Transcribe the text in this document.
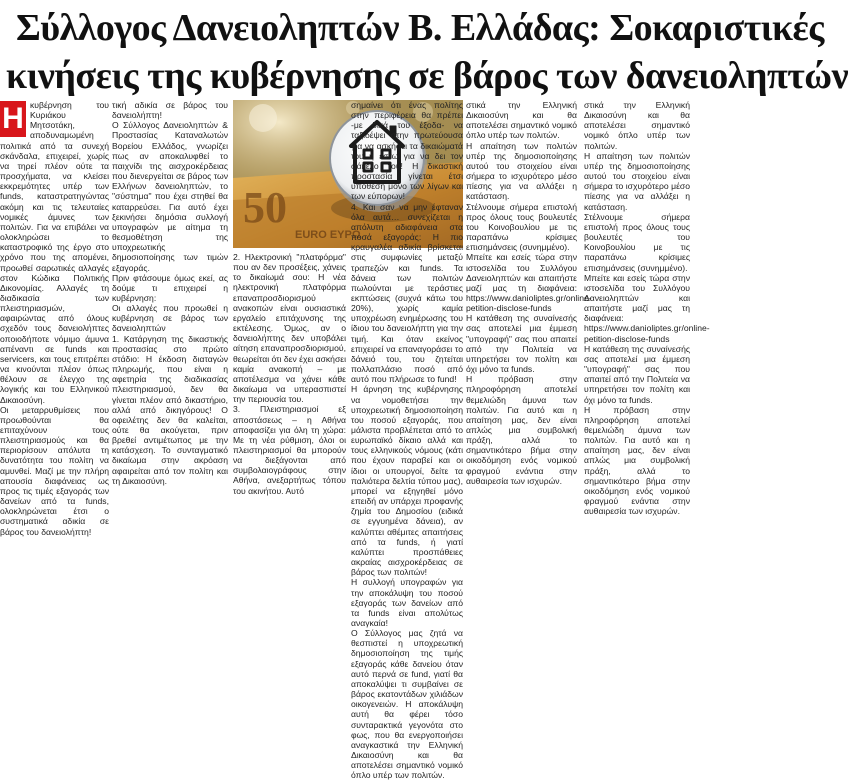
Σύλλογος Δανειοληπτών Β. Ελλάδας: Σοκαριστικές
κινήσεις της κυβέρνησης σε βάρος των δανειοληπτών
Η κυβέρνηση του Κυριάκου Μητσοτάκη, αποδυναμωμένη πολιτικά από τα συνεχή σκάνδαλα, επιχειρεί, χωρίς να τηρεί πλέον ούτε τα προσχήματα, να κλείσει εκκρεμότητες υπέρ των funds, καταστρατηγώντας ακόμη και τις τελευταίες νομικές άμυνες των πολιτών. Για να επιβάλει να ολοκληρώσει το καταστροφικό της έργο στο χρόνο που της απομένει, προωθεί σαρωτικές αλλαγές στον Κώδικα Πολιτικής Δικονομίας. Αλλαγές τη διαδικασία των πλειστηριασμών, αφαιρώντας από όλους σχεδόν τους δανειολήπτες οποιοδήποτε νόμιμο άμυνα απέναντι σε funds και servicers, και τους επιτρέπει να κινούνται πλέον όπως θέλουν σε έλεγχο της λογικής και του Ελληνικού Δικαιοσύνη.

Οι μεταρρυθμίσεις που προωθούνται θα επιταχύνουν τους πλειστηριασμούς και θα περιορίσουν απόλυτα τη δυνατότητα του πολίτη να αμυνθεί. Μαζί με την πλήρη απουσία διαφάνειας ως προς τις τιμές εξαγοράς των δανείων από τα funds, ολοκληρώνεται έτσι ο συστηματικά αδικία σε βάρος του δανειολήπτη!

τική αδικία σε βάρος του δανειολήπτη!

Ο Σύλλογος Δανειοληπτών & Προστασίας Καταναλωτών Βορείου Ελλάδος, γνωρίζει πως αν αποκαλυφθεί το παιχνίδι της αισχροκέρδειας που διενεργείται σε βάρος των Ελλήνων δανειοληπτών, το "σύστημα" που έχει στηθεί θα καταρρεύσει. Για αυτό έχει ξεκινήσει δημόσια συλλογή υπογραφών με αίτημα τη θεσμοθέτηση της υποχρεωτικής δημοσιοποίησης των τιμών εξαγοράς.

Πριν φτάσουμε όμως εκεί, ας δούμε τι επιχειρεί η κυβέρνηση:

Οι αλλαγές που προωθεί η κυβέρνηση σε βάρος των δανειοληπτών

1. Κατάργηση της δικαστικής προστασίας στο πρώτο στάδιο: Η έκδοση διαταγών πληρωμής, που είναι η αφετηρία της διαδικασίας πλειστηριασμού, δεν θα γίνεται πλέον από δικαστήριο, αλλά από δικηγόρους! Ο οφειλέτης δεν θα καλείται, ούτε θα ακούγεται, πριν βρεθεί αντιμέτωπος με την κατάσχεση. Το συνταγματικό δικαίωμα στην ακρόαση αφαιρείται από τον πολίτη και τη Δικαιοσύνη.

50
EURO ΕΥΡΩ

2. Ηλεκτρονική "πλατφόρμα" που αν δεν προσέξεις, χάνεις το δικαίωμά σου: Η νέα ηλεκτρονική πλατφόρμα επαναπροσδιορισμού ανακοπών είναι ουσιαστικά εργαλείο επιτάχυνσης της εκτέλεσης. Όμως, αν ο δανειολήπτης δεν υποβάλει αίτηση επαναπροσδιορισμού, θεωρείται ότι δεν έχει ασκήσει καμία ανακοπή – με αποτέλεσμα να χάνει κάθε δικαίωμα να υπερασπιστεί την περιουσία του.

3. Πλειστηριασμοί εξ αποστάσεως – η Αθήνα αποφασίζει για όλη τη χώρα: Με τη νέα ρύθμιση, όλοι οι πλειστηριασμοί θα μπορούν να διεξάγονται από συμβολαιογράφους στην Αθήνα, ανεξαρτήτως τόπου του ακινήτου. Αυτό

σημαίνει ότι ένας πολίτης στην περιφέρεια θα πρέπει -με δικά του έξοδα- να ταξιδέψει στην πρωτεύουσα για να ασκήσει τα δικαιώματά του ή έστω για να δει τον φάκελο του! Η δικαστική προστασία γίνεται έτσι υπόθεση μόνο των λίγων και των εύπορων!

4. Και σαν να μην έφταναν όλα αυτά… συνεχίζεται η απόλυτη αδιαφάνεια στα ποσά εξαγοράς: Η πιο κραυγαλέα αδικία βρίσκεται στις συμφωνίες μεταξύ τραπεζών και funds. Τα δάνεια των πολιτών πωλούνται με τεράστιες εκπτώσεις (συχνά κάτω του 20%), χωρίς καμία υποχρέωση ενημέρωσης του ίδιου του δανειολήπτη για την τιμή. Και όταν εκείνος επιχειρεί να επαναγοράσει το δάνειό του, του ζητείται πολλαπλάσιο ποσό από αυτό που πλήρωσε το fund!

Η άρνηση της κυβέρνησης να νομοθετήσει την υποχρεωτική δημοσιοποίηση του ποσού εξαγοράς, που μάλιστα προβλέπεται από το ευρωπαϊκό δίκαιο αλλά και τους ελληνικούς νόμους (κάτι που έχουν παραβεί και οι ίδιοι οι υπουργοί, δείτε τα παλιότερα δελτία τύπου μας), μπορεί να εξηγηθεί μόνο επειδή αν υπάρχει προφανής ζημία του Δημοσίου (ειδικά σε εγγυημένα δάνεια), αν καλύπτει αθέμιτες απαιτήσεις από τα funds, ή γιατί καλύπτει προσπάθειες ακραίας αισχροκέρδειας σε βάρος των πολιτών!

Η συλλογή υπογραφών για την αποκάλυψη του ποσού εξαγοράς των δανείων από τα funds είναι απολύτως αναγκαία!

Ο Σύλλογος μας ζητά να θεσπιστεί η υποχρεωτική δημοσιοποίηση της τιμής εξαγοράς κάθε δανείου όταν αυτό περνά σε fund, γιατί θα αποκαλύψει τι συμβαίνει σε βάρος εκατοντάδων χιλιάδων οικογενειών. Η αποκάλυψη αυτή θα φέρει τόσο συνταρακτικά γεγονότα στο φως, που θα ενεργοποιήσει αναγκαστικά την Ελληνική Δικαιοσύνη και θα αποτελέσει σημαντικό νομικό όπλο υπέρ των πολιτών.

στικά την Ελληνική Δικαιοσύνη και θα αποτελέσει σημαντικό νομικό όπλο υπέρ των πολιτών.

Η απαίτηση των πολιτών υπέρ της δημοσιοποίησης αυτού του στοιχείου είναι σήμερα το ισχυρότερο μέσο πίεσης για να αλλάξει η κατάσταση.

Στέλνουμε σήμερα επιστολή προς όλους τους βουλευτές του Κοινοβουλίου με τις παραπάνω κρίσιμες επισημάνσεις (συνημμένο).

Μπείτε και εσείς τώρα στην ιστοσελίδα του Συλλόγου Δανειοληπτών και απαιτήστε μαζί μας τη διαφάνεια: https://www.danioliptes.gr/online-petition-disclose-funds

Η κατάθεση της συναίνεσής σας αποτελεί μια έμμεση "υπογραφή" σας που απαιτεί από την Πολιτεία να υπηρετήσει τον πολίτη και όχι μόνο τα funds.

Η πρόβαση στην πληροφόρηση αποτελεί θεμελιώδη άμυνα των πολιτών. Για αυτό και η απαίτηση μας, δεν είναι απλώς μια συμβολική πράξη, αλλά το σημαντικότερο βήμα στην οικοδόμηση ενός νομικού φραγμού ενάντια στην αυθαιρεσία των ισχυρών.

στικά την Ελληνική Δικαιοσύνη και θα αποτελέσει σημαντικό νομικό όπλο υπέρ των πολιτών.

Η απαίτηση των πολιτών υπέρ της δημοσιοποίησης αυτού του στοιχείου είναι σήμερα το ισχυρότερο μέσο πίεσης για να αλλάξει η κατάσταση.

Στέλνουμε σήμερα επιστολή προς όλους τους βουλευτές του Κοινοβουλίου με τις παραπάνω κρίσιμες επισημάνσεις (συνημμένο).

Μπείτε και εσείς τώρα στην ιστοσελίδα του Συλλόγου Δανειοληπτών και απαιτήστε μαζί μας τη διαφάνεια: https://www.danioliptes.gr/online-petition-disclose-funds

Η κατάθεση της συναίνεσής σας αποτελεί μια έμμεση "υπογραφή" σας που απαιτεί από την Πολιτεία να υπηρετήσει τον πολίτη και όχι μόνο τα funds.

Η πρόβαση στην πληροφόρηση αποτελεί θεμελιώδη άμυνα των πολιτών. Για αυτό και η απαίτηση μας, δεν είναι απλώς μια συμβολική πράξη, αλλά το σημαντικότερο βήμα στην οικοδόμηση ενός νομικού φραγμού ενάντια στην αυθαιρεσία των ισχυρών.
